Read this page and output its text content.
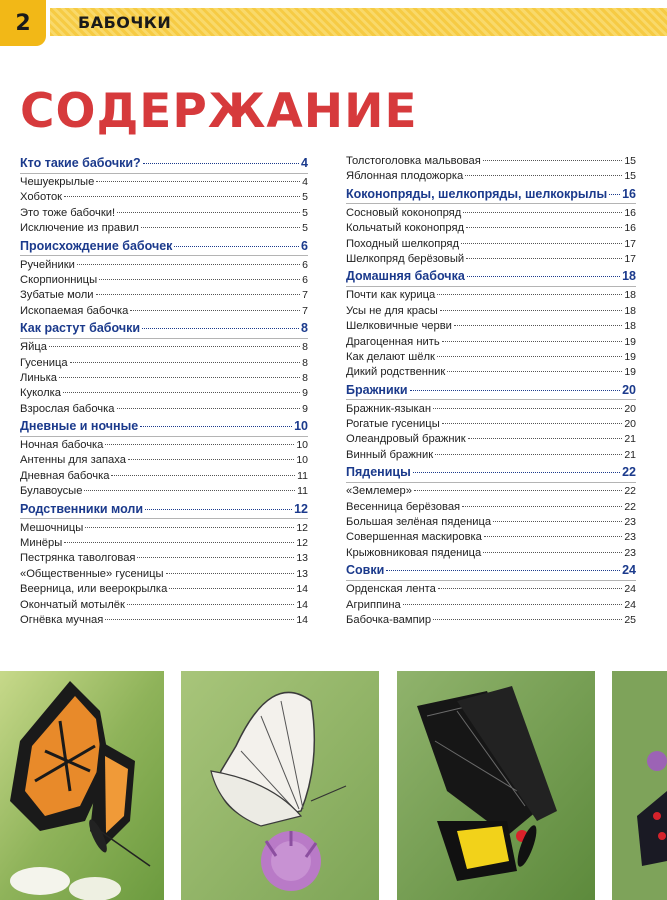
2	БАБОЧКИ
СОДЕРЖАНИЕ
Кто такие бабочки?	4
Чешуекрылые	4
Хоботок	5
Это тоже бабочки!	5
Исключение из правил	5
Происхождение бабочек	6
Ручейники	6
Скорпионницы	6
Зубатые моли	7
Ископаемая бабочка	7
Как растут бабочки	8
Яйца	8
Гусеница	8
Линька	8
Куколка	9
Взрослая бабочка	9
Дневные и ночные	10
Ночная бабочка	10
Антенны для запаха	10
Дневная бабочка	11
Булавоусые	11
Родственники моли	12
Мешочницы	12
Минёры	12
Пестрянка таволговая	13
«Общественные» гусеницы	13
Веерница, или веерокрылка	14
Окончатый мотылёк	14
Огнёвка мучная	14
Толстоголовка мальвовая	15
Яблонная плодожорка	15
Коконопряды, шелкопряды, шелкокрылы 16
Сосновый коконопряд	16
Кольчатый коконопряд	16
Походный шелкопряд	17
Шелкопряд берёзовый	17
Домашняя бабочка	18
Почти как курица	18
Усы не для красы	18
Шелковичные черви	18
Драгоценная нить	19
Как делают шёлк	19
Дикий родственник	19
Бражники	20
Бражник-языкан	20
Рогатые гусеницы	20
Олеандровый бражник	21
Винный бражник	21
Пяденицы	22
«Землемер»	22
Весенница берёзовая	22
Большая зелёная пяденица	23
Совершенная маскировка	23
Крыжовниковая пяденица	23
Совки	24
Орденская лента	24
Агриппина	24
Бабочка-вампир	25
